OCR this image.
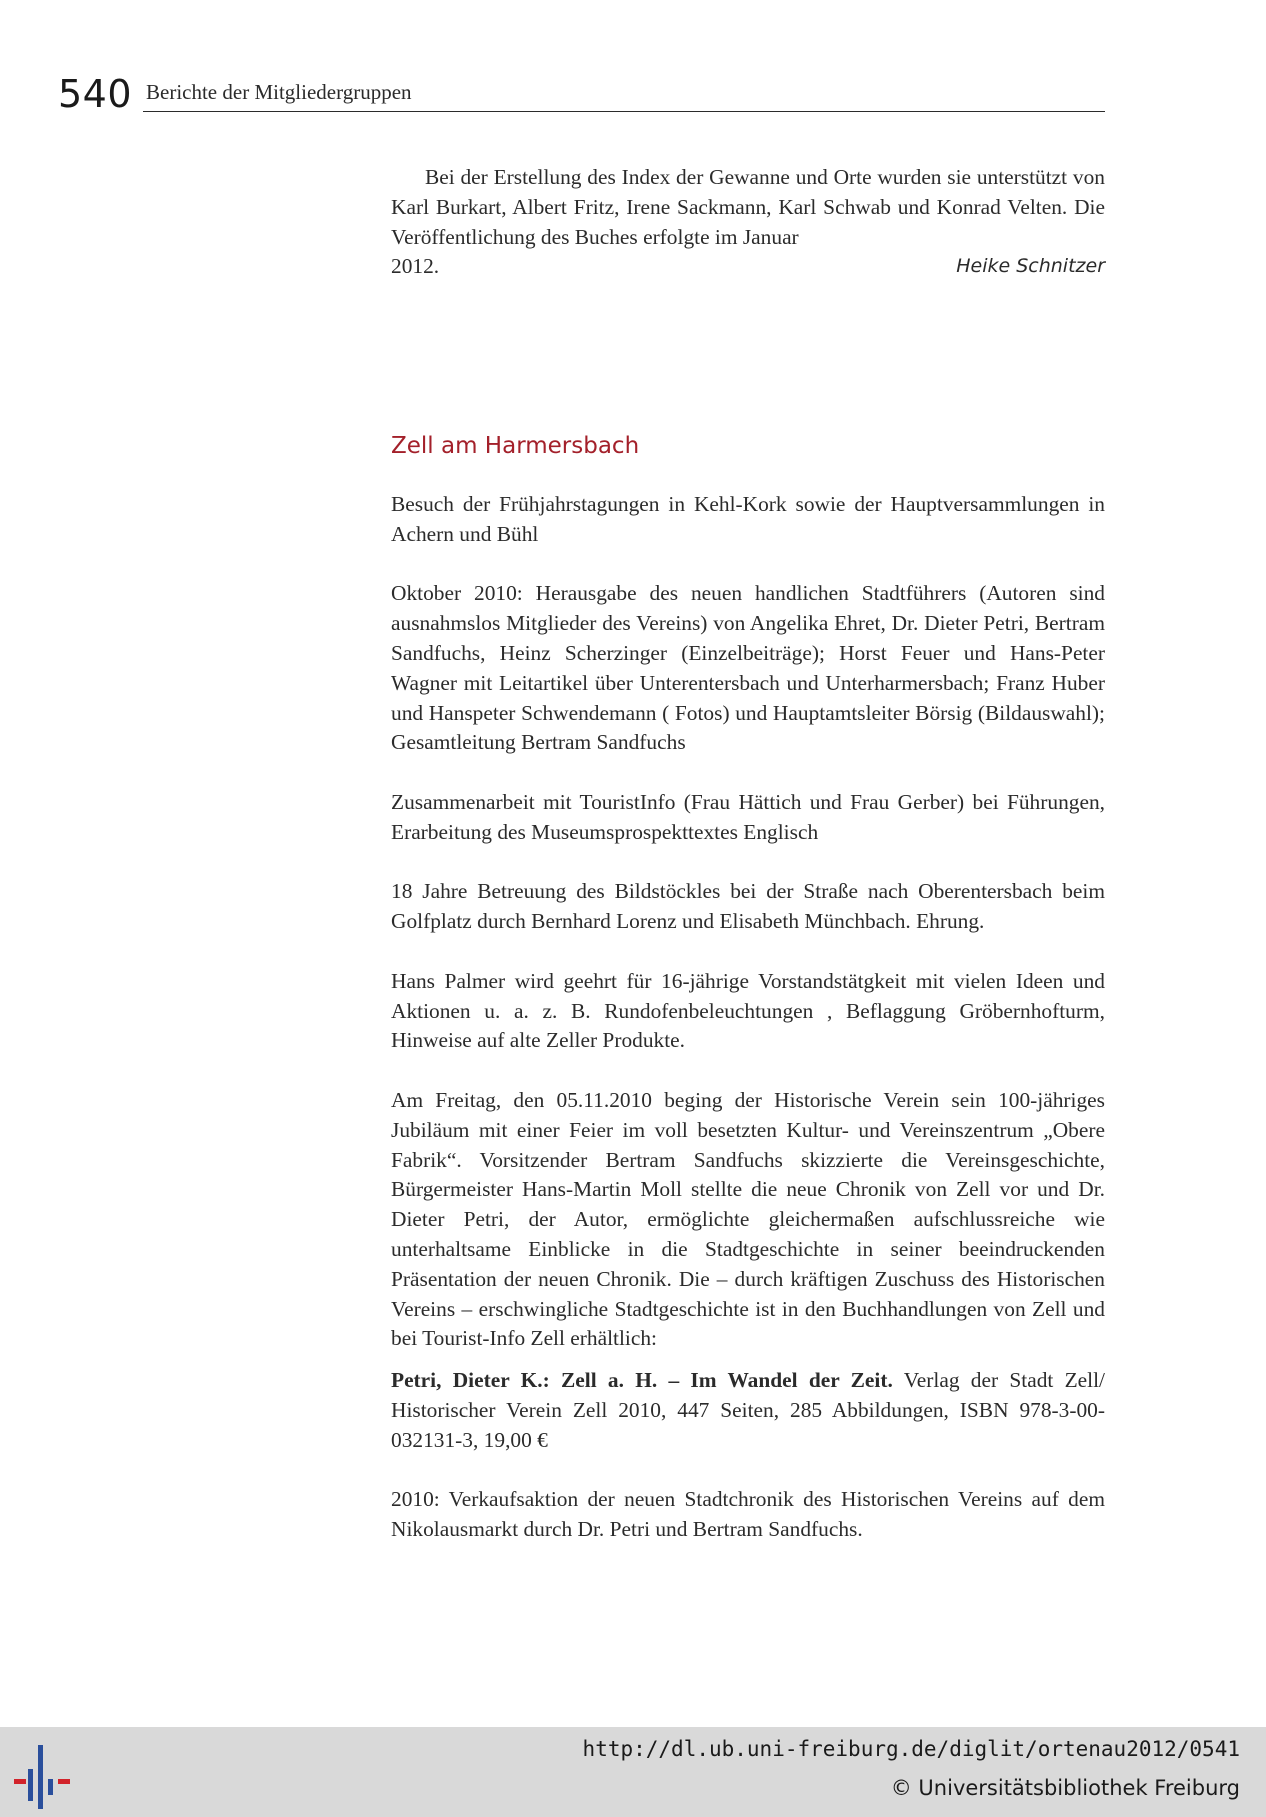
540 Berichte der Mitgliedergruppen

Bei der Erstellung des Index der Gewanne und Orte wurden sie unterstützt von Karl Burkart, Albert Fritz, Irene Sackmann, Karl Schwab und Konrad Velten. Die Veröffentlichung des Buches erfolgte im Januar

2012.	Heike Schnitzer
Zell am Harmersbach

Besuch der Frühjahrstagungen in Kehl-Kork sowie der Hauptversammlungen in Achern und Bühl

Oktober 2010: Herausgabe des neuen handlichen Stadtführers (Autoren sind ausnahmslos Mitglieder des Vereins) von Angelika Ehret, Dr. Dieter Petri, Bertram Sandfuchs, Heinz Scherzinger (Einzelbeiträge); Horst Feuer und Hans-Peter Wagner mit Leitartikel über Unterentersbach und Unterharmersbach; Franz Huber und Hanspeter Schwendemann ( Fotos) und Hauptamtsleiter Börsig (Bildauswahl); Gesamtleitung Bertram Sandfuchs

Zusammenarbeit mit TouristInfo (Frau Hättich und Frau Gerber) bei Führungen, Erarbeitung des Museumsprospekttextes Englisch

18 Jahre Betreuung des Bildstöckles bei der Straße nach Oberentersbach beim Golfplatz durch Bernhard Lorenz und Elisabeth Münchbach. Ehrung.

Hans Palmer wird geehrt für 16-jährige Vorstandstätgkeit mit vielen Ideen und Aktionen u. a. z. B. Rundofenbeleuchtungen , Beflaggung Gröbernhofturm, Hinweise auf alte Zeller Produkte.

Am Freitag, den 05.11.2010 beging der Historische Verein sein 100-jähriges Jubiläum mit einer Feier im voll besetzten Kultur- und Vereinszentrum „Obere Fabrik“. Vorsitzender Bertram Sandfuchs skizzierte die Vereinsgeschichte, Bürgermeister Hans-Martin Moll stellte die neue Chronik von Zell vor und Dr. Dieter Petri, der Autor, ermöglichte gleichermaßen aufschlussreiche wie unterhaltsame Einblicke in die Stadtgeschichte in seiner beeindruckenden Präsentation der neuen Chronik. Die – durch kräftigen Zuschuss des Historischen Vereins – erschwingliche Stadtgeschichte ist in den Buchhandlungen von Zell und bei Tourist-Info Zell erhältlich:

Petri, Dieter K.: Zell a. H. – Im Wandel der Zeit. Verlag der Stadt Zell/ Historischer Verein Zell 2010, 447 Seiten, 285 Abbildungen, ISBN 978-3-00-032131-3, 19,00 €

2010: Verkaufsaktion der neuen Stadtchronik des Historischen Vereins auf dem Nikolausmarkt durch Dr. Petri und Bertram Sandfuchs.

http://dl.ub.uni-freiburg.de/diglit/ortenau2012/0541
© Universitätsbibliothek Freiburg
